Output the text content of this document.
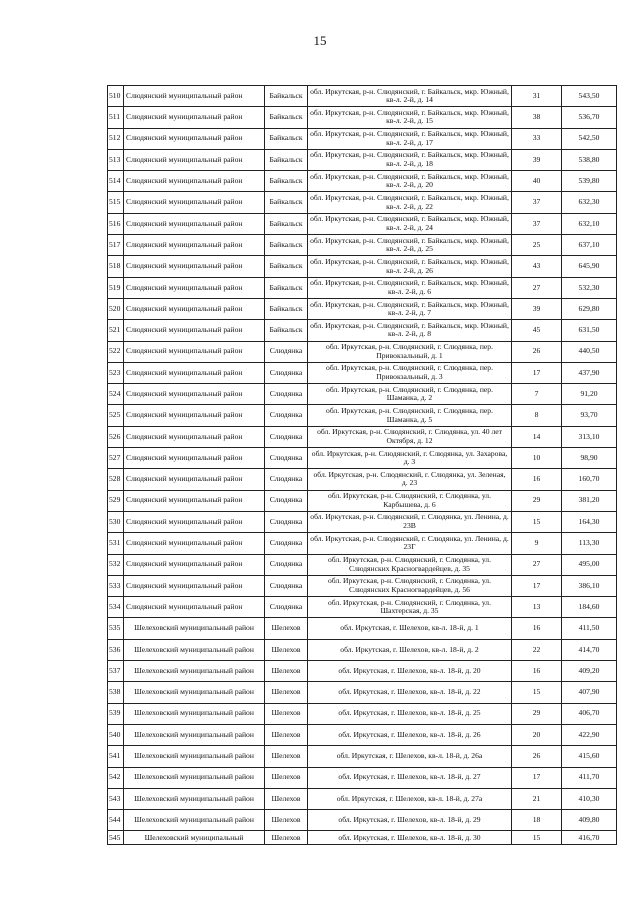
15
510	Слюдянский муниципальный район	Байкальск	обл. Иркутская, р-н. Слюдянский, г. Байкальск, мкр. Южный, кв-л. 2-й, д. 14	31	543,50
511	Слюдянский муниципальный район	Байкальск	обл. Иркутская, р-н. Слюдянский, г. Байкальск, мкр. Южный, кв-л. 2-й, д. 15	38	536,70
512	Слюдянский муниципальный район	Байкальск	обл. Иркутская, р-н. Слюдянский, г. Байкальск, мкр. Южный, кв-л. 2-й, д. 17	33	542,50
513	Слюдянский муниципальный район	Байкальск	обл. Иркутская, р-н. Слюдянский, г. Байкальск, мкр. Южный, кв-л. 2-й, д. 18	39	538,80
514	Слюдянский муниципальный район	Байкальск	обл. Иркутская, р-н. Слюдянский, г. Байкальск, мкр. Южный, кв-л. 2-й, д. 20	40	539,80
515	Слюдянский муниципальный район	Байкальск	обл. Иркутская, р-н. Слюдянский, г. Байкальск, мкр. Южный, кв-л. 2-й, д. 22	37	632,30
516	Слюдянский муниципальный район	Байкальск	обл. Иркутская, р-н. Слюдянский, г. Байкальск, мкр. Южный, кв-л. 2-й, д. 24	37	632,10
517	Слюдянский муниципальный район	Байкальск	обл. Иркутская, р-н. Слюдянский, г. Байкальск, мкр. Южный, кв-л. 2-й, д. 25	25	637,10
518	Слюдянский муниципальный район	Байкальск	обл. Иркутская, р-н. Слюдянский, г. Байкальск, мкр. Южный, кв-л. 2-й, д. 26	43	645,90
519	Слюдянский муниципальный район	Байкальск	обл. Иркутская, р-н. Слюдянский, г. Байкальск, мкр. Южный, кв-л. 2-й, д. 6	27	532,30
520	Слюдянский муниципальный район	Байкальск	обл. Иркутская, р-н. Слюдянский, г. Байкальск, мкр. Южный, кв-л. 2-й, д. 7	39	629,80
521	Слюдянский муниципальный район	Байкальск	обл. Иркутская, р-н. Слюдянский, г. Байкальск, мкр. Южный, кв-л. 2-й, д. 8	45	631,50
522	Слюдянский муниципальный район	Слюдянка	обл. Иркутская, р-н. Слюдянский, г. Слюдянка, пер. Привокзальный, д. 1	26	440,50
523	Слюдянский муниципальный район	Слюдянка	обл. Иркутская, р-н. Слюдянский, г. Слюдянка, пер. Привокзальный, д. 3	17	437,90
524	Слюдянский муниципальный район	Слюдянка	обл. Иркутская, р-н. Слюдянский, г. Слюдянка, пер. Шаманка, д. 2	7	91,20
525	Слюдянский муниципальный район	Слюдянка	обл. Иркутская, р-н. Слюдянский, г. Слюдянка, пер. Шаманка, д. 5	8	93,70
526	Слюдянский муниципальный район	Слюдянка	обл. Иркутская, р-н. Слюдянский, г. Слюдянка, ул. 40 лет Октября, д. 12	14	313,10
527	Слюдянский муниципальный район	Слюдянка	обл. Иркутская, р-н. Слюдянский, г. Слюдянка, ул. Захарова, д. 3	10	98,90
528	Слюдянский муниципальный район	Слюдянка	обл. Иркутская, р-н. Слюдянский, г. Слюдянка, ул. Зеленая, д. 23	16	160,70
529	Слюдянский муниципальный район	Слюдянка	обл. Иркутская, р-н. Слюдянский, г. Слюдянка, ул. Карбышева, д. 6	29	381,20
530	Слюдянский муниципальный район	Слюдянка	обл. Иркутская, р-н. Слюдянский, г. Слюдянка, ул. Ленина, д. 23В	15	164,30
531	Слюдянский муниципальный район	Слюдянка	обл. Иркутская, р-н. Слюдянский, г. Слюдянка, ул. Ленина, д. 23Г	9	113,30
532	Слюдянский муниципальный район	Слюдянка	обл. Иркутская, р-н. Слюдянский, г. Слюдянка, ул. Слюдянских Красногвардейцев, д. 35	27	495,00
533	Слюдянский муниципальный район	Слюдянка	обл. Иркутская, р-н. Слюдянский, г. Слюдянка, ул. Слюдянских Красногвардейцев, д. 56	17	386,10
534	Слюдянский муниципальный район	Слюдянка	обл. Иркутская, р-н. Слюдянский, г. Слюдянка, ул. Шахтерская, д. 35	13	184,60
535	Шелеховский муниципальный район	Шелехов	обл. Иркутская, г. Шелехов, кв-л. 18-й, д. 1	16	411,50
536	Шелеховский муниципальный район	Шелехов	обл. Иркутская, г. Шелехов, кв-л. 18-й, д. 2	22	414,70
537	Шелеховский муниципальный район	Шелехов	обл. Иркутская, г. Шелехов, кв-л. 18-й, д. 20	16	409,20
538	Шелеховский муниципальный район	Шелехов	обл. Иркутская, г. Шелехов, кв-л. 18-й, д. 22	15	407,90
539	Шелеховский муниципальный район	Шелехов	обл. Иркутская, г. Шелехов, кв-л. 18-й, д. 25	29	406,70
540	Шелеховский муниципальный район	Шелехов	обл. Иркутская, г. Шелехов, кв-л. 18-й, д. 26	20	422,90
541	Шелеховский муниципальный район	Шелехов	обл. Иркутская, г. Шелехов, кв-л. 18-й, д. 26а	26	415,60
542	Шелеховский муниципальный район	Шелехов	обл. Иркутская, г. Шелехов, кв-л. 18-й, д. 27	17	411,70
543	Шелеховский муниципальный район	Шелехов	обл. Иркутская, г. Шелехов, кв-л. 18-й, д. 27а	21	410,30
544	Шелеховский муниципальный район	Шелехов	обл. Иркутская, г. Шелехов, кв-л. 18-й, д. 29	18	409,80
545	Шелеховский муниципальный	Шелехов	обл. Иркутская, г. Шелехов, кв-л. 18-й, д. 30	15	416,70
